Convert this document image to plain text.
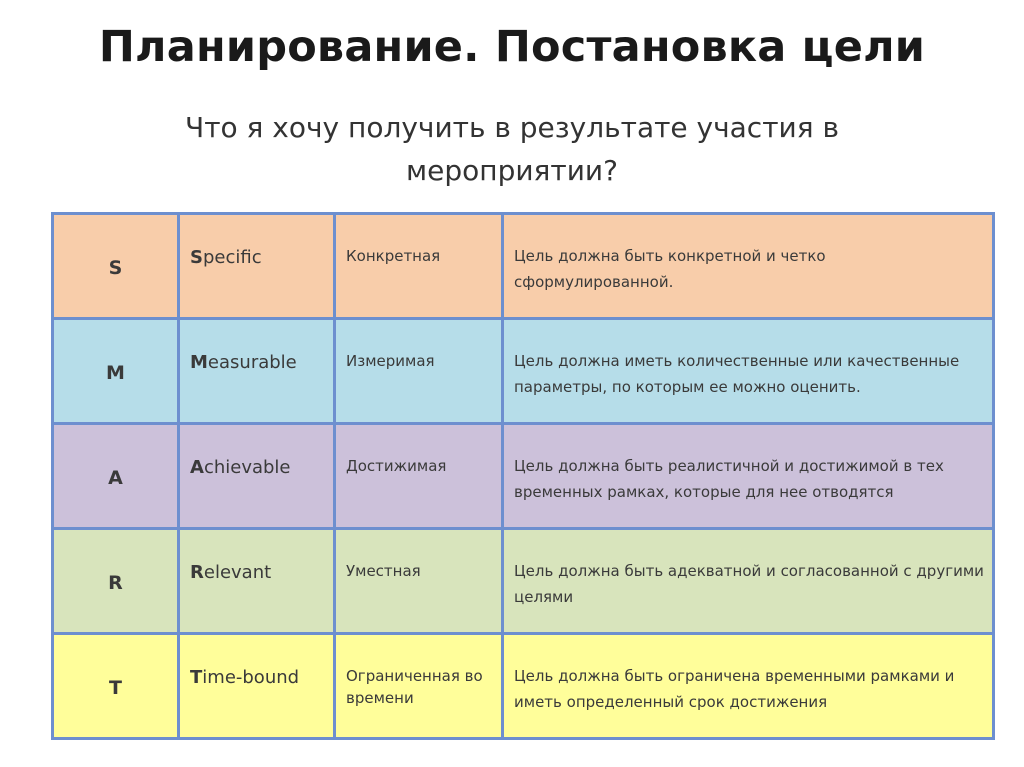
Планирование. Постановка цели
Что я хочу получить в результате участия в мероприятии?
S	Specific	Конкретная	Цель должна быть конкретной и четко сформулированной.
M	Measurable	Измеримая	Цель должна иметь количественные или качественные параметры, по которым ее можно оценить.
A	Achievable	Достижимая	Цель должна быть реалистичной и достижимой в тех временных рамках, которые для нее отводятся
R	Relevant	Уместная	Цель должна быть адекватной и согласованной с другими целями
T	Time-bound	Ограниченная во времени	Цель должна быть ограничена временными рамками и иметь определенный срок достижения
